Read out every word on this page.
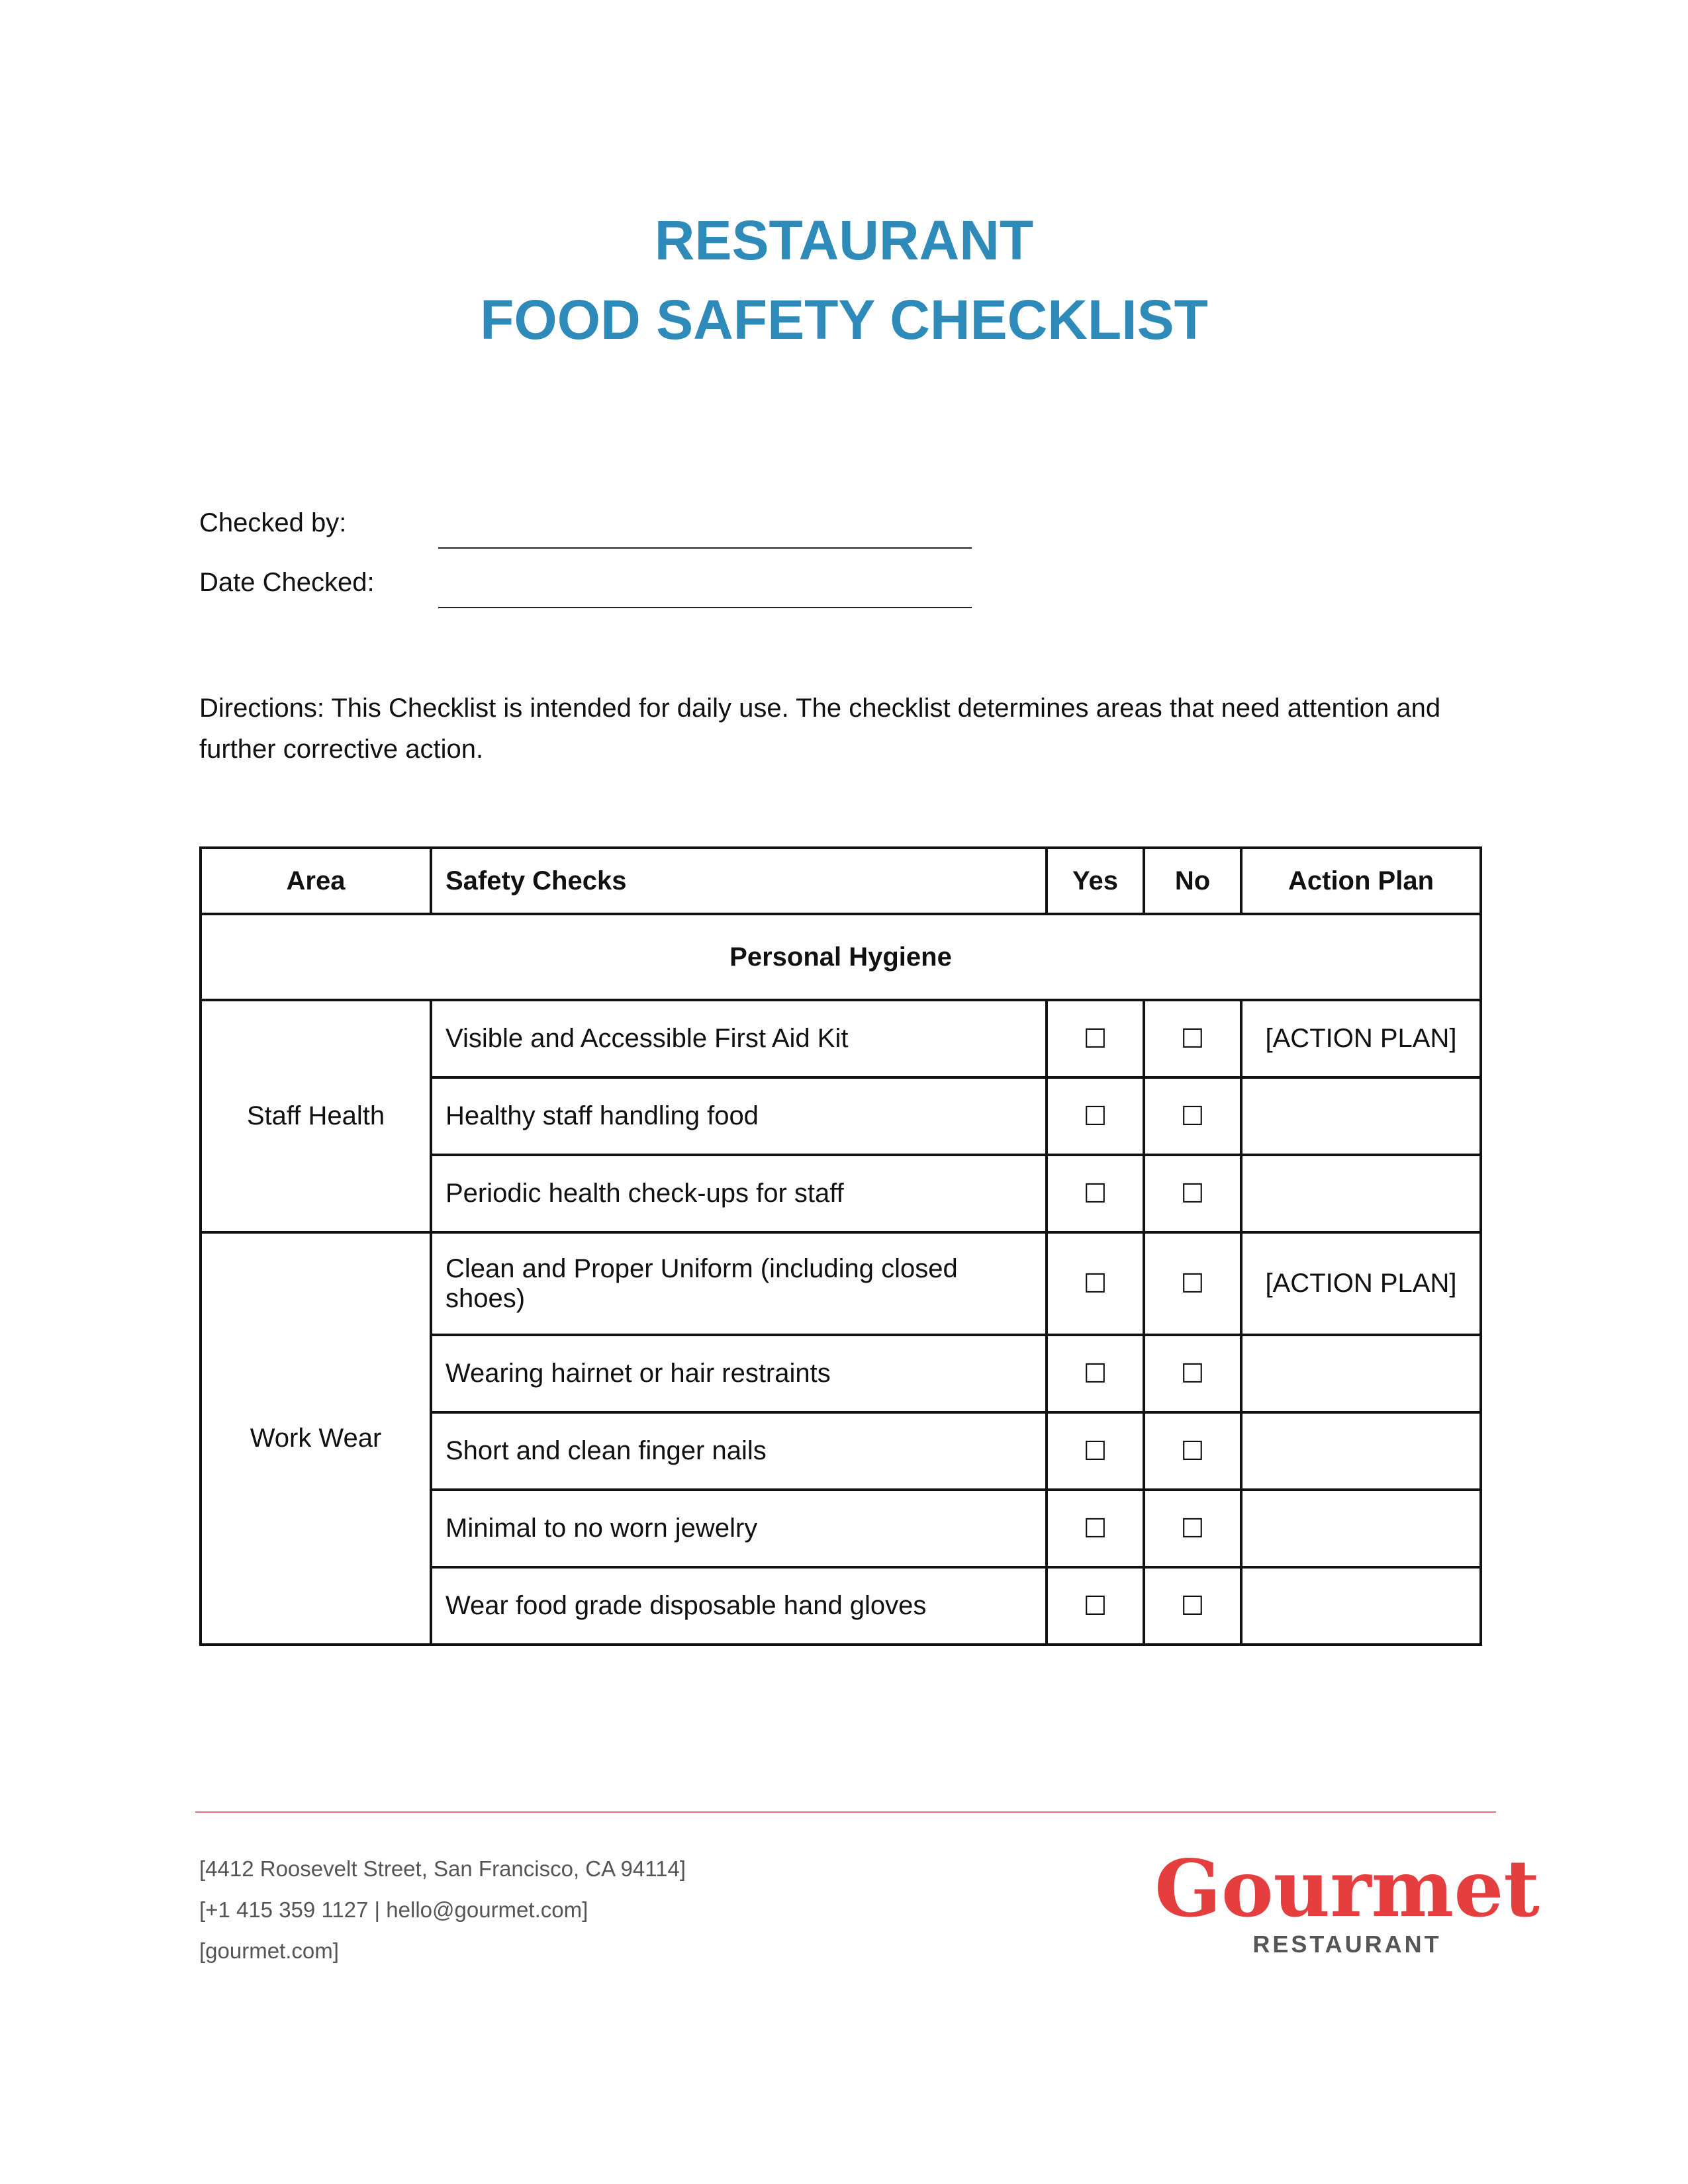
RESTAURANT
FOOD SAFETY CHECKLIST
Checked by:
Date Checked:
Directions: This Checklist is intended for daily use. The checklist determines areas that need attention and further corrective action.
Area	Safety Checks	Yes	No	Action Plan
Personal Hygiene				
Staff Health	Visible and Accessible First Aid Kit	☐	☐	[ACTION PLAN]
	Healthy staff handling food	☐	☐	
	Periodic health check-ups for staff	☐	☐	
Work Wear	Clean and Proper Uniform (including closed shoes)	☐	☐	[ACTION PLAN]
	Wearing hairnet or hair restraints	☐	☐	
	Short and clean finger nails	☐	☐	
	Minimal to no worn jewelry	☐	☐	
	Wear food grade disposable hand gloves	☐	☐	
[4412 Roosevelt Street, San Francisco, CA 94114]
[+1 415 359 1127 | hello@gourmet.com]
[gourmet.com]
Gourmet
RESTAURANT
